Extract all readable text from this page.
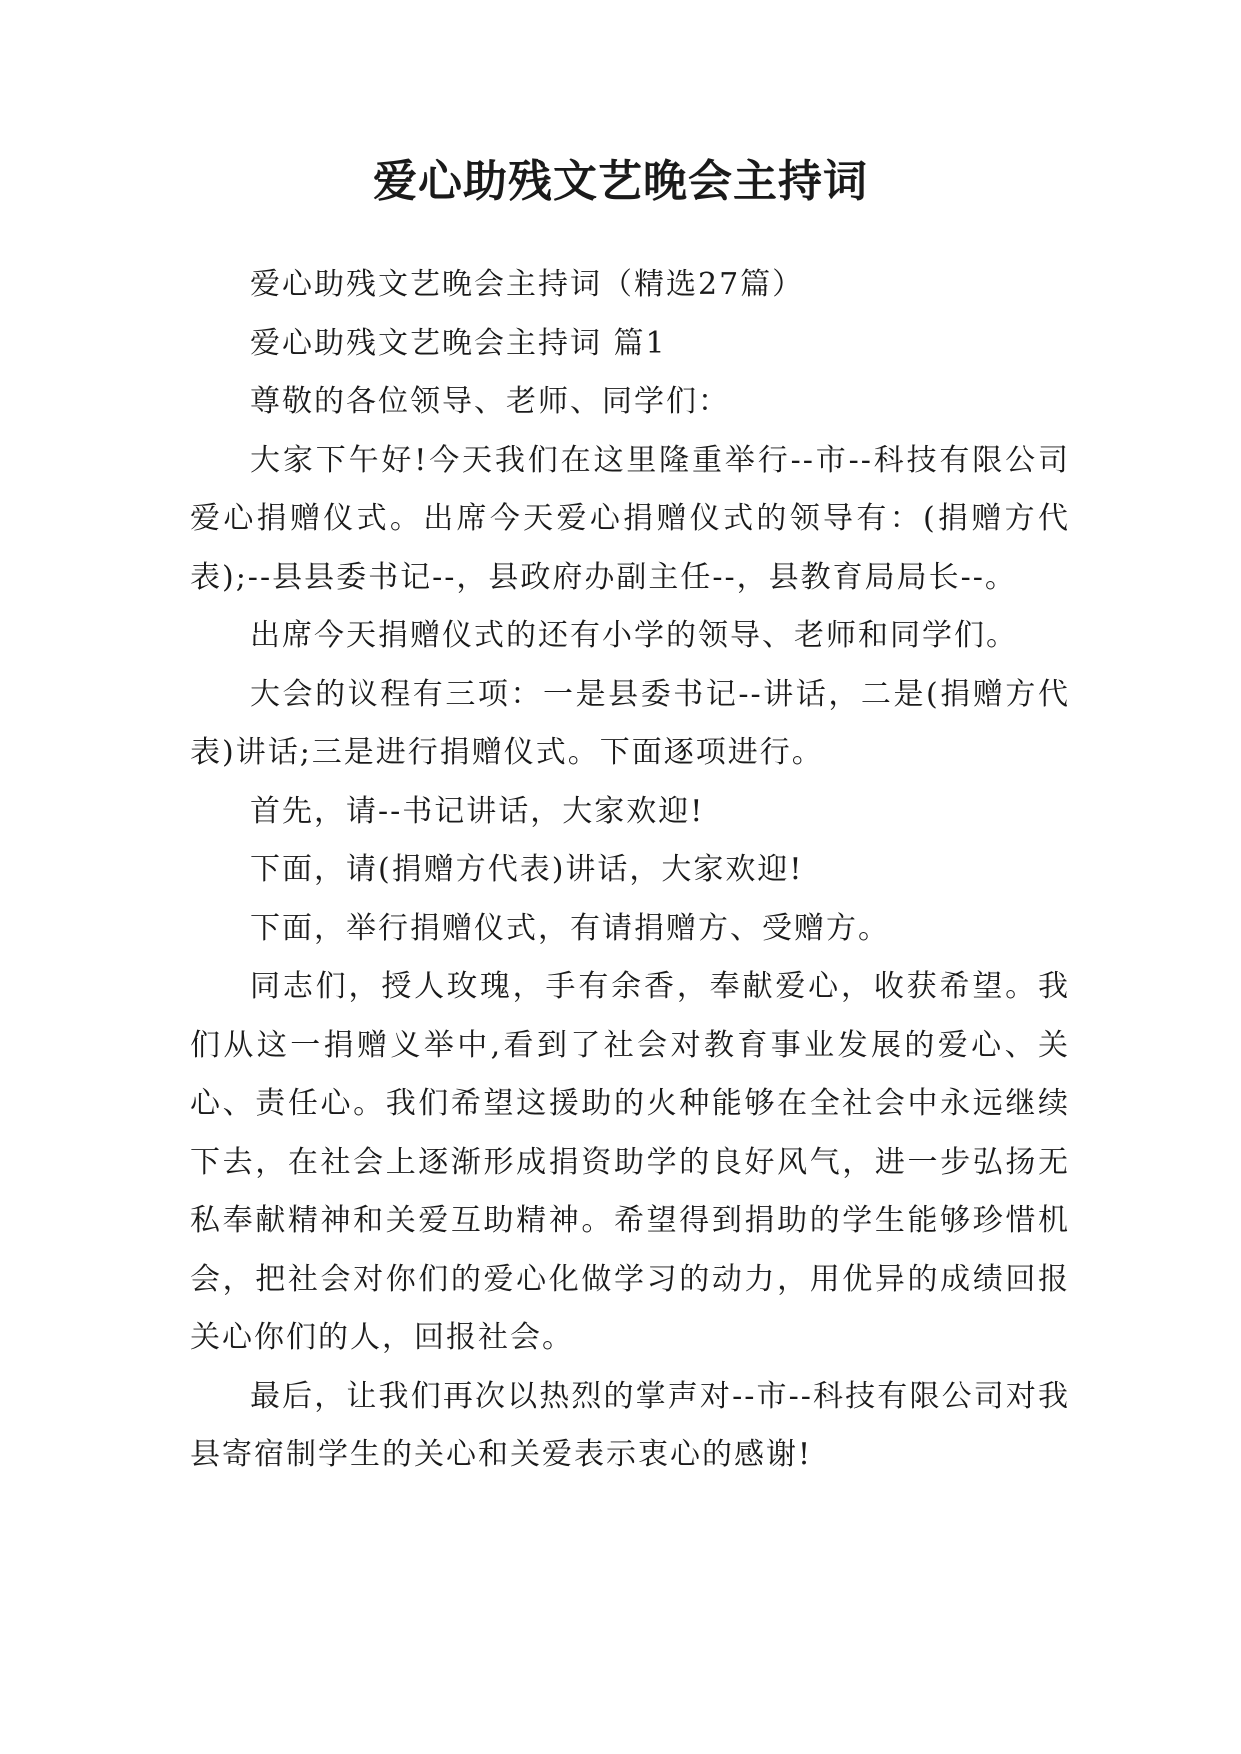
爱心助残文艺晚会主持词

爱心助残文艺晚会主持词（精选27篇）

爱心助残文艺晚会主持词 篇1

尊敬的各位领导、老师、同学们：

大家下午好!今天我们在这里隆重举行--市--科技有限公司爱心捐赠仪式。出席今天爱心捐赠仪式的领导有：(捐赠方代表);--县县委书记--，县政府办副主任--，县教育局局长--。

出席今天捐赠仪式的还有小学的领导、老师和同学们。

大会的议程有三项：一是县委书记--讲话，二是(捐赠方代表)讲话;三是进行捐赠仪式。下面逐项进行。

首先，请--书记讲话，大家欢迎!

下面，请(捐赠方代表)讲话，大家欢迎!

下面，举行捐赠仪式，有请捐赠方、受赠方。

同志们，授人玫瑰，手有余香，奉献爱心，收获希望。我们从这一捐赠义举中,看到了社会对教育事业发展的爱心、关心、责任心。我们希望这援助的火种能够在全社会中永远继续下去，在社会上逐渐形成捐资助学的良好风气，进一步弘扬无私奉献精神和关爱互助精神。希望得到捐助的学生能够珍惜机会，把社会对你们的爱心化做学习的动力，用优异的成绩回报关心你们的人，回报社会。

最后，让我们再次以热烈的掌声对--市--科技有限公司对我县寄宿制学生的关心和关爱表示衷心的感谢!
